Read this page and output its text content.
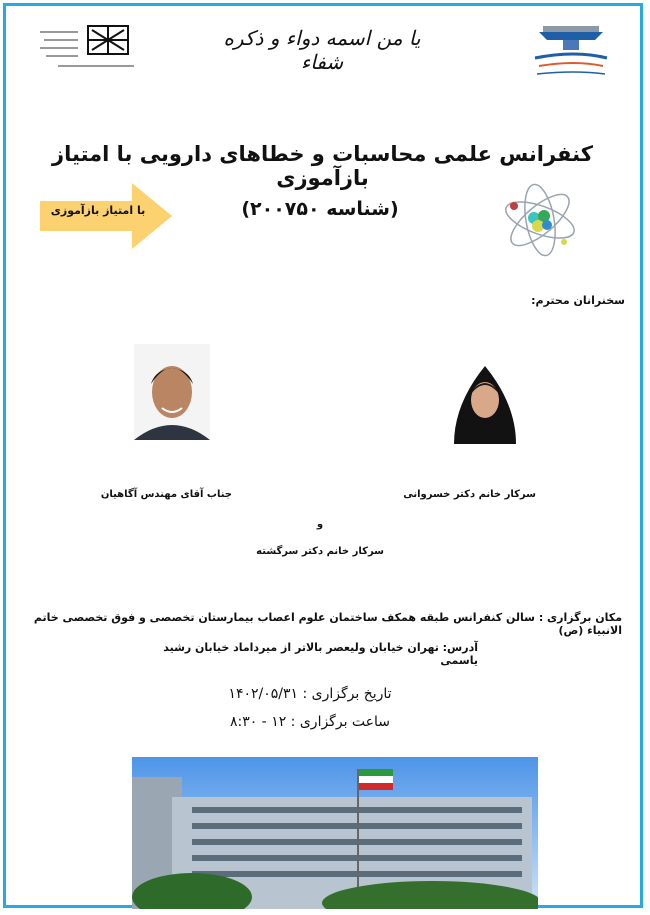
یا من اسمه دواء و ذکره شفاء
کنفرانس علمی محاسبات و خطاهای دارویی با امتیاز بازآموزی
(شناسه ۲۰۰۷۵۰)
با امتیاز بازآموزی
سخنرانان محترم:
سرکار خانم دکتر خسروانی
جناب آقای مهندس آگاهیان
و
سرکار خانم دکتر سرگشته
مکان برگزاری : سالن کنفرانس طبقه همکف ساختمان علوم اعصاب بیمارستان تخصصی و فوق تخصصی خاتم الانبیاء (ص)
آدرس: تهران خیابان ولیعصر بالاتر از میرداماد خیابان رشید یاسمی
تاریخ برگزاری : ۱۴۰۲/۰۵/۳۱
ساعت برگزاری : ۱۲ - ۸:۳۰
